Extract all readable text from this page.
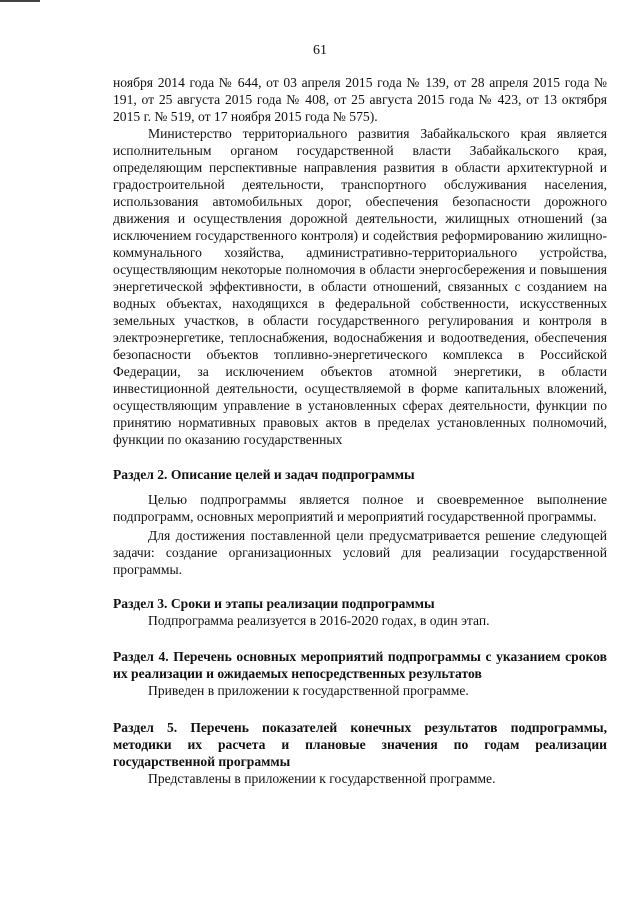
61

ноября 2014 года № 644, от 03 апреля 2015 года № 139, от 28 апреля 2015 года № 191, от 25 августа 2015 года № 408, от 25 августа 2015 года № 423, от 13 октября 2015 г. № 519, от 17 ноября 2015 года № 575).

Министерство территориального развития Забайкальского края является исполнительным органом государственной власти Забайкальского края, определяющим перспективные направления развития в области архитектурной и градостроительной деятельности, транспортного обслуживания населения, использования автомобильных дорог, обеспечения безопасности дорожного движения и осуществления дорожной деятельности, жилищных отношений (за исключением государственного контроля) и содействия реформированию жилищно-коммунального хозяйства, административно-территориального устройства, осуществляющим некоторые полномочия в области энергосбережения и повышения энергетической эффективности, в области отношений, связанных с созданием на водных объектах, находящихся в федеральной собственности, искусственных земельных участков, в области государственного регулирования и контроля в электроэнергетике, теплоснабжения, водоснабжения и водоотведения, обеспечения безопасности объектов топливно-энергетического комплекса в Российской Федерации, за исключением объектов атомной энергетики, в области инвестиционной деятельности, осуществляемой в форме капитальных вложений, осуществляющим управление в установленных сферах деятельности, функции по принятию нормативных правовых актов в пределах установленных полномочий, функции по оказанию государственных

Раздел 2. Описание целей и задач подпрограммы

Целью подпрограммы является полное и своевременное выполнение подпрограмм, основных мероприятий и мероприятий государственной программы.

Для достижения поставленной цели предусматривается решение следующей задачи: создание организационных условий для реализации государственной программы.

Раздел 3. Сроки и этапы реализации подпрограммы

Подпрограмма реализуется в 2016-2020 годах, в один этап.

Раздел 4. Перечень основных мероприятий подпрограммы с указанием сроков их реализации и ожидаемых непосредственных результатов

Приведен в приложении к государственной программе.

Раздел 5. Перечень показателей конечных результатов подпрограммы, методики их расчета и плановые значения по годам реализации государственной программы

Представлены в приложении к государственной программе.
